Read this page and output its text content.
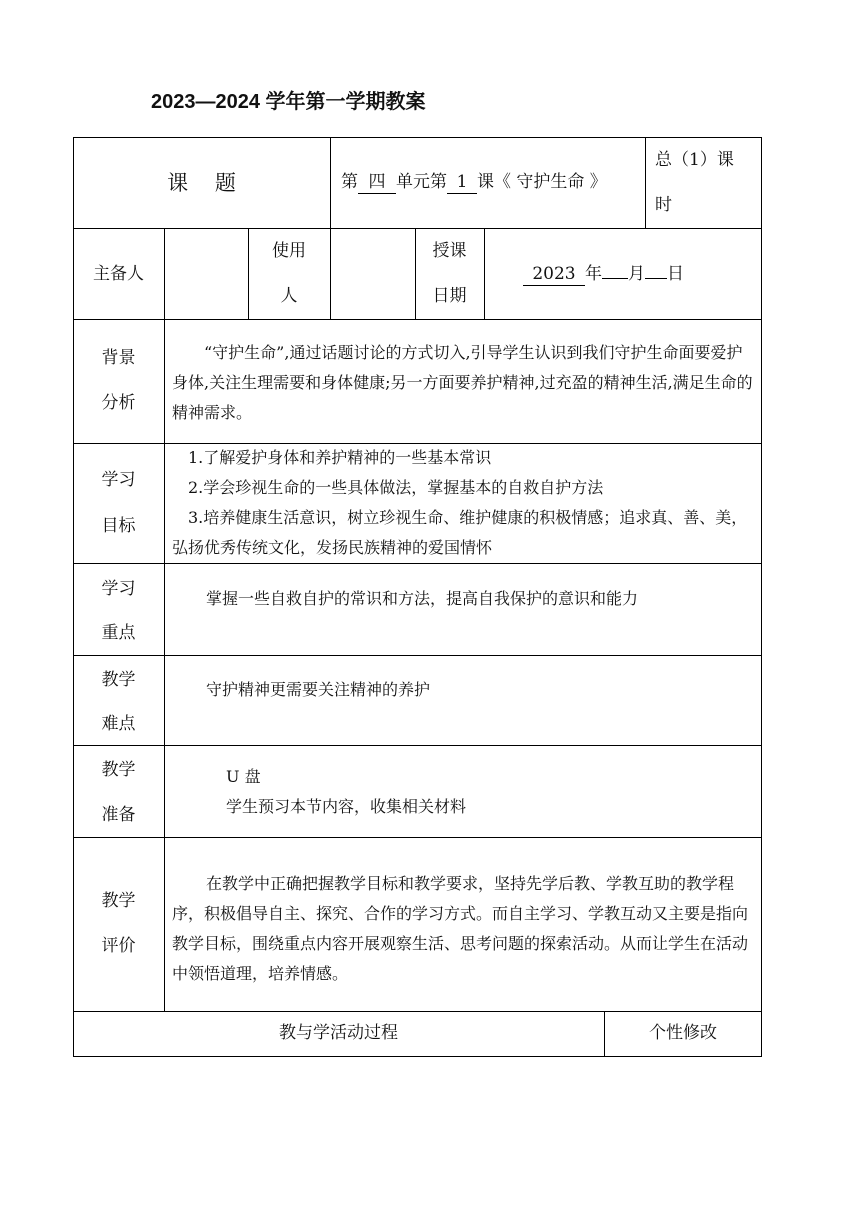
2023—2024 学年第一学期教案
课    题	第 四 单元第 1 课《 守护生命 》
总（1）课
时
主备人
使用
人
授课
日期
2023 年 月 日
背景
分析
“守护生命”,通过话题讨论的方式切入,引导学生认识到我们守护生命面要爱护身体,关注生理需要和身体健康;另一方面要养护精神,过充盈的精神生活,满足生命的精神需求。
学习
目标
1.了解爱护身体和养护精神的一些基本常识
2.学会珍视生命的一些具体做法，掌握基本的自救自护方法
3.培养健康生活意识，树立珍视生命、维护健康的积极情感；追求真、善、美，弘扬优秀传统文化，发扬民族精神的爱国情怀
学习
重点
掌握一些自救自护的常识和方法，提高自我保护的意识和能力
教学
难点
守护精神更需要关注精神的养护
教学
准备
U 盘
学生预习本节内容，收集相关材料
教学
评价
在教学中正确把握教学目标和教学要求，坚持先学后教、学教互助的教学程序，积极倡导自主、探究、合作的学习方式。而自主学习、学教互动又主要是指向教学目标，围绕重点内容开展观察生活、思考问题的探索活动。从而让学生在活动中领悟道理，培养情感。
教与学活动过程	个性修改
